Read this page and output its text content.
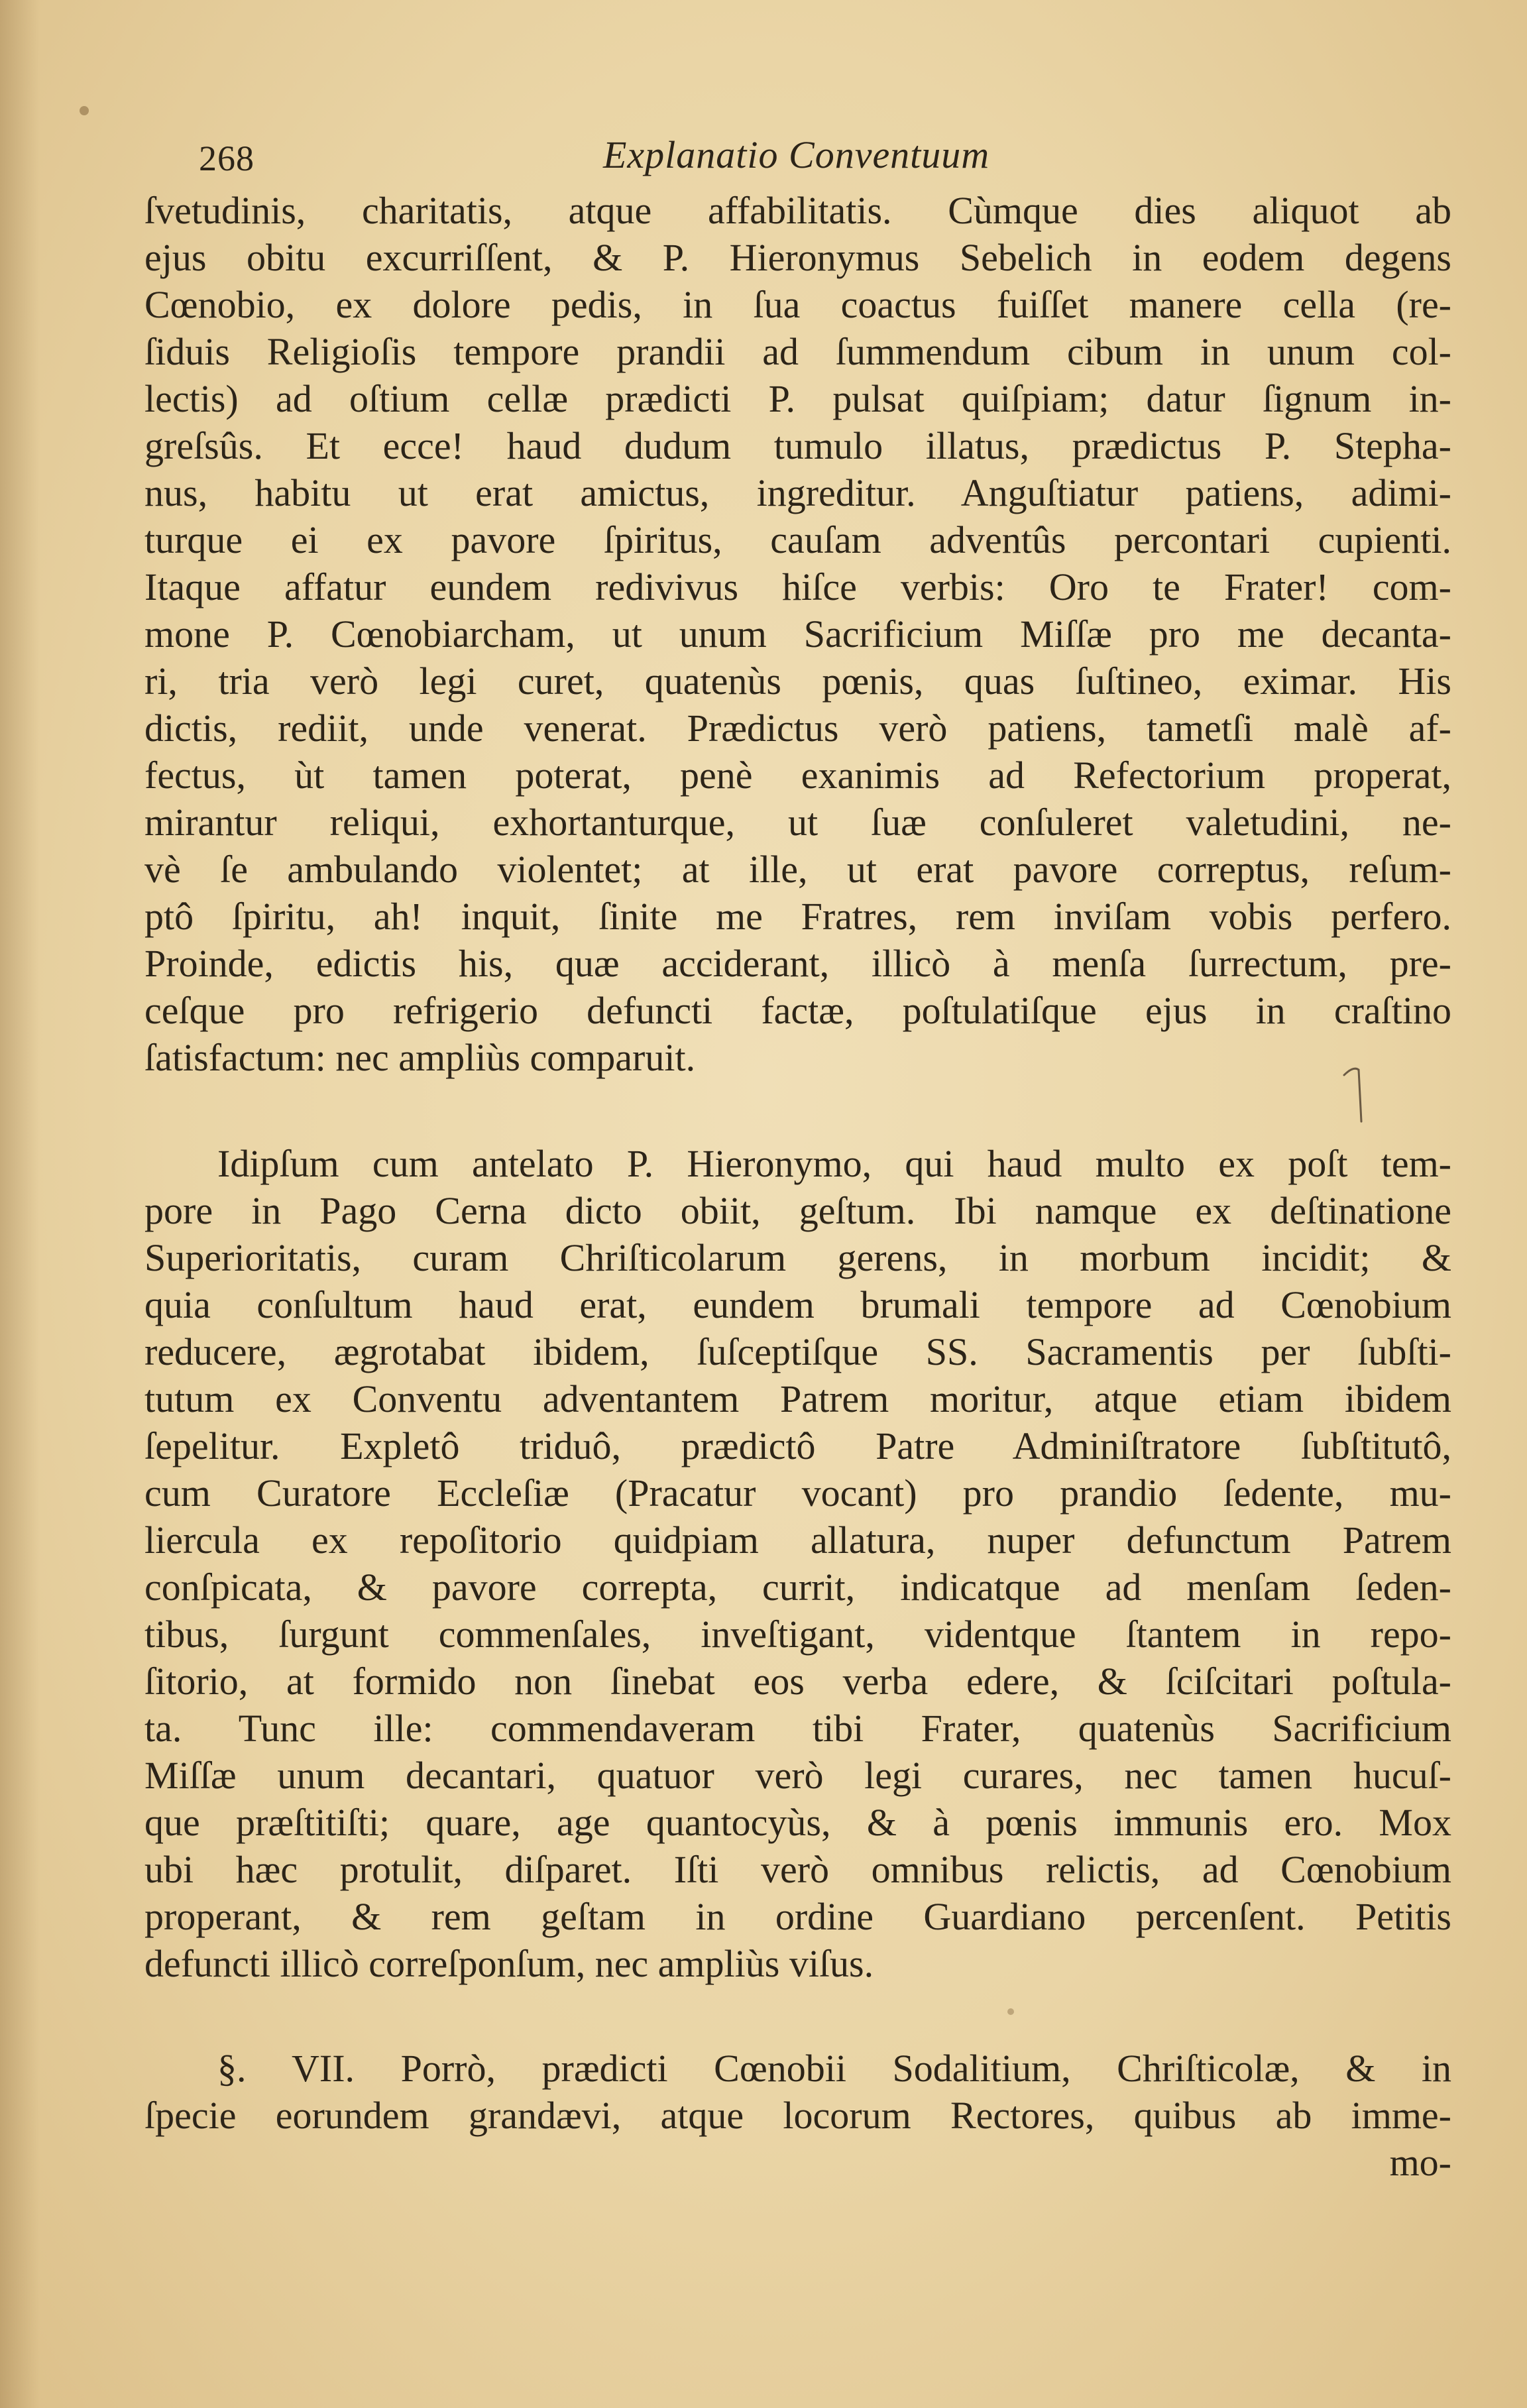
268	Explanatio Conventuum
ſvetudinis, charitatis, atque affabilitatis. Cùmque dies aliquot ab
ejus obitu excurriſſent, & P. Hieronymus Sebelich in eodem degens
Cœnobio, ex dolore pedis, in ſua coactus fuiſſet manere cella (re-
ſiduis Religioſis tempore prandii ad ſummendum cibum in unum col-
lectis) ad oſtium cellæ prædicti P. pulsat quiſpiam; datur ſignum in-
greſsûs. Et ecce! haud dudum tumulo illatus, prædictus P. Stepha-
nus, habitu ut erat amictus, ingreditur. Anguſtiatur patiens, adimi-
turque ei ex pavore ſpiritus, cauſam adventûs percontari cupienti.
Itaque affatur eundem redivivus hiſce verbis: Oro te Frater! com-
mone P. Cœnobiarcham, ut unum Sacrificium Miſſæ pro me decanta-
ri, tria verò legi curet, quatenùs pœnis, quas ſuſtineo, eximar. His
dictis, rediit, unde venerat. Prædictus verò patiens, tametſi malè af-
fectus, ùt tamen poterat, penè exanimis ad Refectorium properat,
mirantur reliqui, exhortanturque, ut ſuæ conſuleret valetudini, ne-
vè ſe ambulando violentet; at ille, ut erat pavore correptus, reſum-
ptô ſpiritu, ah! inquit, ſinite me Fratres, rem inviſam vobis perfero.
Proinde, edictis his, quæ acciderant, illicò à menſa ſurrectum, pre-
ceſque pro refrigerio defuncti factæ, poſtulatiſque ejus in craſtino
ſatisfactum: nec ampliùs comparuit.
Idipſum cum antelato P. Hieronymo, qui haud multo ex poſt tem-
pore in Pago Cerna dicto obiit, geſtum. Ibi namque ex deſtinatione
Superioritatis, curam Chriſticolarum gerens, in morbum incidit; &
quia conſultum haud erat, eundem brumali tempore ad Cœnobium
reducere, ægrotabat ibidem, ſuſceptiſque SS. Sacramentis per ſubſti-
tutum ex Conventu adventantem Patrem moritur, atque etiam ibidem
ſepelitur. Expletô triduô, prædictô Patre Adminiſtratore ſubſtitutô,
cum Curatore Eccleſiæ (Pracatur vocant) pro prandio ſedente, mu-
liercula ex repoſitorio quidpiam allatura, nuper defunctum Patrem
conſpicata, & pavore correpta, currit, indicatque ad menſam ſeden-
tibus, ſurgunt commenſales, inveſtigant, videntque ſtantem in repo-
ſitorio, at formido non ſinebat eos verba edere, & ſciſcitari poſtula-
ta. Tunc ille: commendaveram tibi Frater, quatenùs Sacrificium
Miſſæ unum decantari, quatuor verò legi curares, nec tamen hucuſ-
que præſtitiſti; quare, age quantocyùs, & à pœnis immunis ero. Mox
ubi hæc protulit, diſparet. Iſti verò omnibus relictis, ad Cœnobium
properant, & rem geſtam in ordine Guardiano percenſent. Petitis
defuncti illicò correſponſum, nec ampliùs viſus.
§. VII. Porrò, prædicti Cœnobii Sodalitium, Chriſticolæ, & in
ſpecie eorundem grandævi, atque locorum Rectores, quibus ab imme-
mo-
